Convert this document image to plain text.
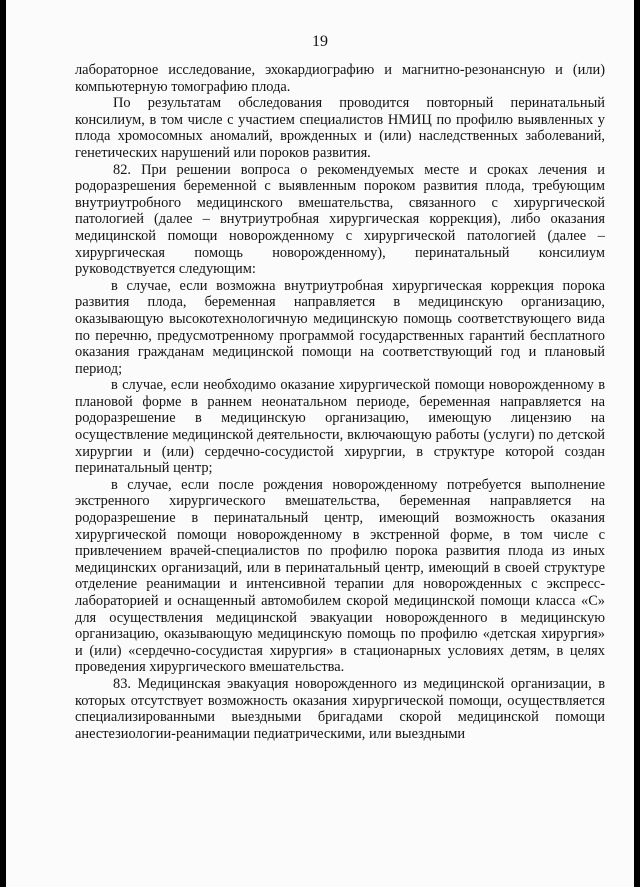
19

лабораторное исследование, эхокардиографию и магнитно-резонансную и (или) компьютерную томографию плода.

По результатам обследования проводится повторный перинатальный консилиум, в том числе с участием специалистов НМИЦ по профилю выявленных у плода хромосомных аномалий, врожденных и (или) наследственных заболеваний, генетических нарушений или пороков развития.

82. При решении вопроса о рекомендуемых месте и сроках лечения и родоразрешения беременной с выявленным пороком развития плода, требующим внутриутробного медицинского вмешательства, связанного с хирургической патологией (далее – внутриутробная хирургическая коррекция), либо оказания медицинской помощи новорожденному с хирургической патологией (далее – хирургическая помощь новорожденному), перинатальный консилиум руководствуется следующим:

в случае, если возможна внутриутробная хирургическая коррекция порока развития плода, беременная направляется в медицинскую организацию, оказывающую высокотехнологичную медицинскую помощь соответствующего вида по перечню, предусмотренному программой государственных гарантий бесплатного оказания гражданам медицинской помощи на соответствующий год и плановый период;

в случае, если необходимо оказание хирургической помощи новорожденному в плановой форме в раннем неонатальном периоде, беременная направляется на родоразрешение в медицинскую организацию, имеющую лицензию на осуществление медицинской деятельности, включающую работы (услуги) по детской хирургии и (или) сердечно-сосудистой хирургии, в структуре которой создан перинатальный центр;

в случае, если после рождения новорожденному потребуется выполнение экстренного хирургического вмешательства, беременная направляется на родоразрешение в перинатальный центр, имеющий возможность оказания хирургической помощи новорожденному в экстренной форме, в том числе с привлечением врачей-специалистов по профилю порока развития плода из иных медицинских организаций, или в перинатальный центр, имеющий в своей структуре отделение реанимации и интенсивной терапии для новорожденных с экспресс-лабораторией и оснащенный автомобилем скорой медицинской помощи класса «С» для осуществления медицинской эвакуации новорожденного в медицинскую организацию, оказывающую медицинскую помощь по профилю «детская хирургия» и (или) «сердечно-сосудистая хирургия» в стационарных условиях детям, в целях проведения хирургического вмешательства.

83. Медицинская эвакуация новорожденного из медицинской организации, в которых отсутствует возможность оказания хирургической помощи, осуществляется специализированными выездными бригадами скорой медицинской помощи анестезиологии-реанимации педиатрическими, или выездными
